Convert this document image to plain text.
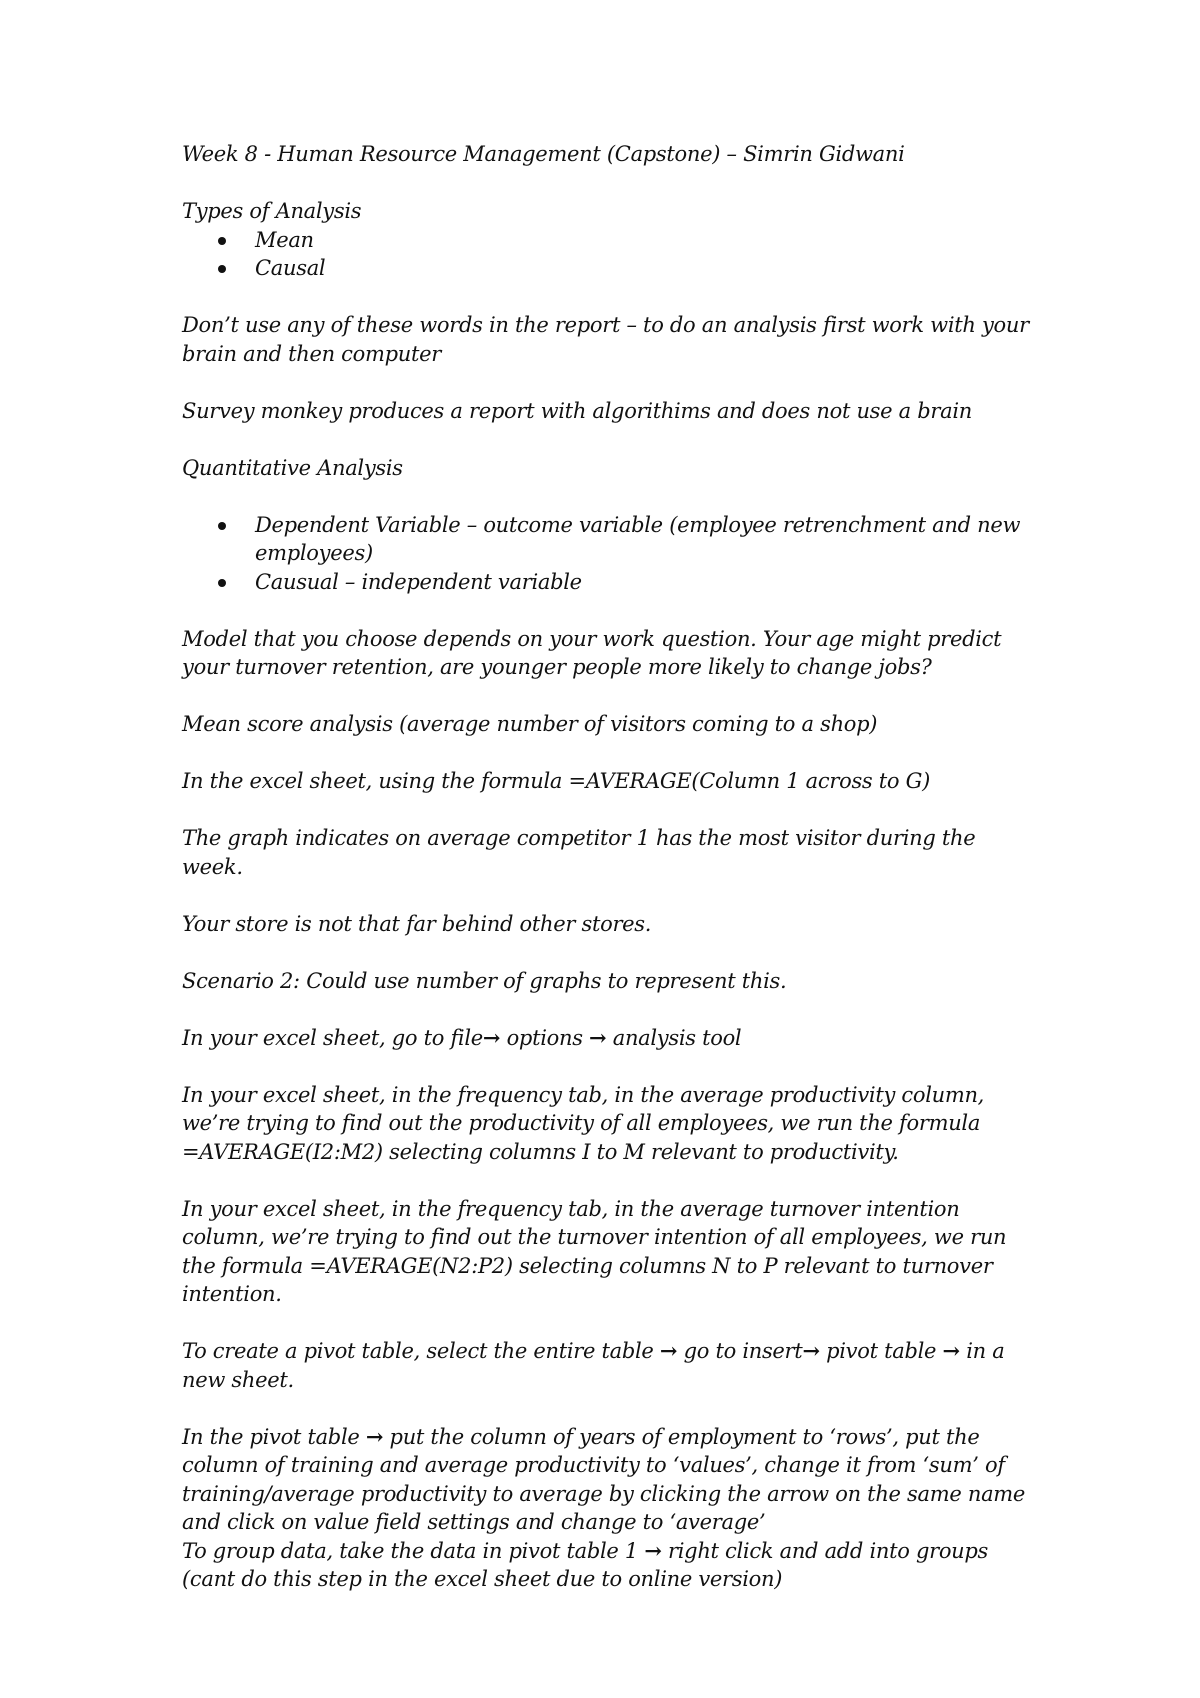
Week 8 - Human Resource Management (Capstone) – Simrin Gidwani

Types of Analysis

Mean
Causal

Don’t use any of these words in the report – to do an analysis first work with your brain and then computer

Survey monkey produces a report with algorithims and does not use a brain

Quantitative Analysis

Dependent Variable – outcome variable (employee retrenchment and new employees)
Causual – independent variable

Model that you choose depends on your work question. Your age might predict your turnover retention, are younger people more likely to change jobs?

Mean score analysis (average number of visitors coming to a shop)

In the excel sheet, using the formula =AVERAGE(Column 1 across to G)

The graph indicates on average competitor 1 has the most visitor during the week.

Your store is not that far behind other stores.

Scenario 2: Could use number of graphs to represent this.

In your excel sheet, go to file→ options → analysis tool

In your excel sheet, in the frequency tab, in the average productivity column, we’re trying to find out the productivity of all employees, we run the formula =AVERAGE(I2:M2) selecting columns I to M relevant to productivity.

In your excel sheet, in the frequency tab, in the average turnover intention column, we’re trying to find out the turnover intention of all employees, we run the formula =AVERAGE(N2:P2) selecting columns N to P relevant to turnover intention.

To create a pivot table, select the entire table → go to insert→ pivot table → in a new sheet.

In the pivot table → put the column of years of employment to ‘rows’, put the column of training and average productivity to ‘values’, change it from ‘sum’ of training/average productivity to average by clicking the arrow on the same name and click on value field settings and change to ‘average’

To group data, take the data in pivot table 1 → right click and add into groups (cant do this step in the excel sheet due to online version)
